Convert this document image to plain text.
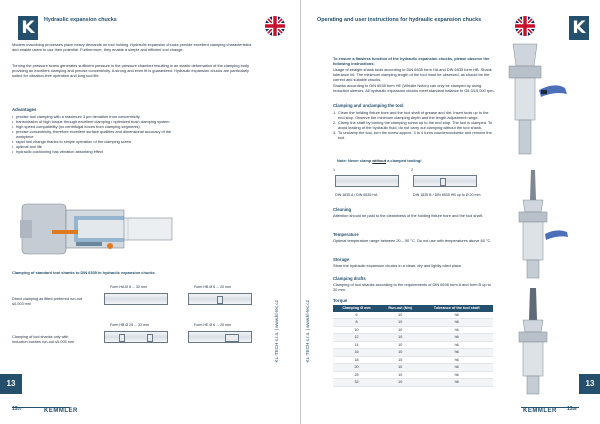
K	Hydraulic expansion chucks
Modern machining processes place heavy demands on tool holding. Hydraulic expansion chucks provide excellent clamping characteristics and enable users to use their potential. Furthermore, they enable a simple and efficient tool change.
Turning the pressure screw generates sufficient pressure in the pressure chamber resulting in an elastic deformation of the clamping body providing an excellent clamping and precise concentricity. A strong and even fit is guaranteed. Hydraulic expansion chucks are particularly suited for vibration-free operation and long tool life.
Advantages
• precise tool clamping with a maximum 3 μm deviation from concentricity
• transmission of high torque through excellent clamping / optimized bush clamping system
• high speed compatibility (no centrifugal forces from clamping segments)
• precise concentricity, therefore excellent surface qualities and dimensional accuracy of the workpiece
• rapid tool change thanks to simple operation of the clamping screw
• optimal tool life
• hydraulic cushioning has vibration absorbing effect
Clamping of standard tool shanks to DIN 6535 in hydraulic expansion chucks
Form HA Ø 6 ... 32 mm	Form HB Ø 6 ... 20 mm
Direct clamping as fitted preferred run-out ≤0.003 mm
Form HB Ø 25 ... 32 mm	Form HE Ø 6 ... 20 mm
Clamping of tool shanks only with reduction bushes run-out ≤0.005 mm
13
KL-TECH s.r.o. | www.kl-tec.cz
1327	KEMMLER
Operating and user instructions for hydraulic expansion chucks	K
To ensure a flawless function of the hydraulic expansion chucks, please observe the following instructions:
Usage of straight shank tools according to DIN 6535 form HA and DIN 6535 form HB. Shank tolerance h6. The minimum clamping length of the tool must be observed, as should be the correct and suitable chucks.
Shanks according to DIN 6535 form HE (Whistle Notch) can only be clamped by using reduction sleeves. All hydraulic expansion chucks meet standard balance to G6.3/15,000 rpm.
Clamping and unclamping the tool
1. Clean the holding fixture bore and the tool shaft of grease and dirt. Insert tools up to the end stop. Observe the minimum clamping depth and the length adjustment range.
2. Clamp the shaft by turning the clamping screw up to the end stop. The tool is clamped. To avoid leaking of the hydraulic fluid, do not carry out clamping without the tool shank.
3. To unclamp the tool, turn the screw approx. 3 to 4 turns counterclockwise and remove the tool.
Note: Never clamp without a clamped tooling!
1	2
DIN 1835 A / DIN 6535 HA	DIN 1835 B / DIN 6535 HB up to Ø 20 mm
Cleaning
Attention should be paid to the cleanliness of the holding fixture bore and the tool shaft.
Temperature
Optimal temperature range between 20 – 50 °C. Do not use with temperatures above 80 °C.
Storage
Store the hydraulic expansion chucks in a clean, dry and lightly oiled place.
Clamping drafts
Clamping of tool shanks according to the requirements of DIN 6535 form A and form B up to 20 mm.
Torque
Clamping Ø mm	Run-out (Nm)	Tolerance of the tool shaft
6	10	h6
8	10	h6
10	10	h6
12	10	h6
14	10	h6
16	10	h6
18	10	h6
20	10	h6
25	10	h6
32	10	h6
KL-TECH s.r.o. | www.kl-tec.cz
13
KEMMLER 1328
